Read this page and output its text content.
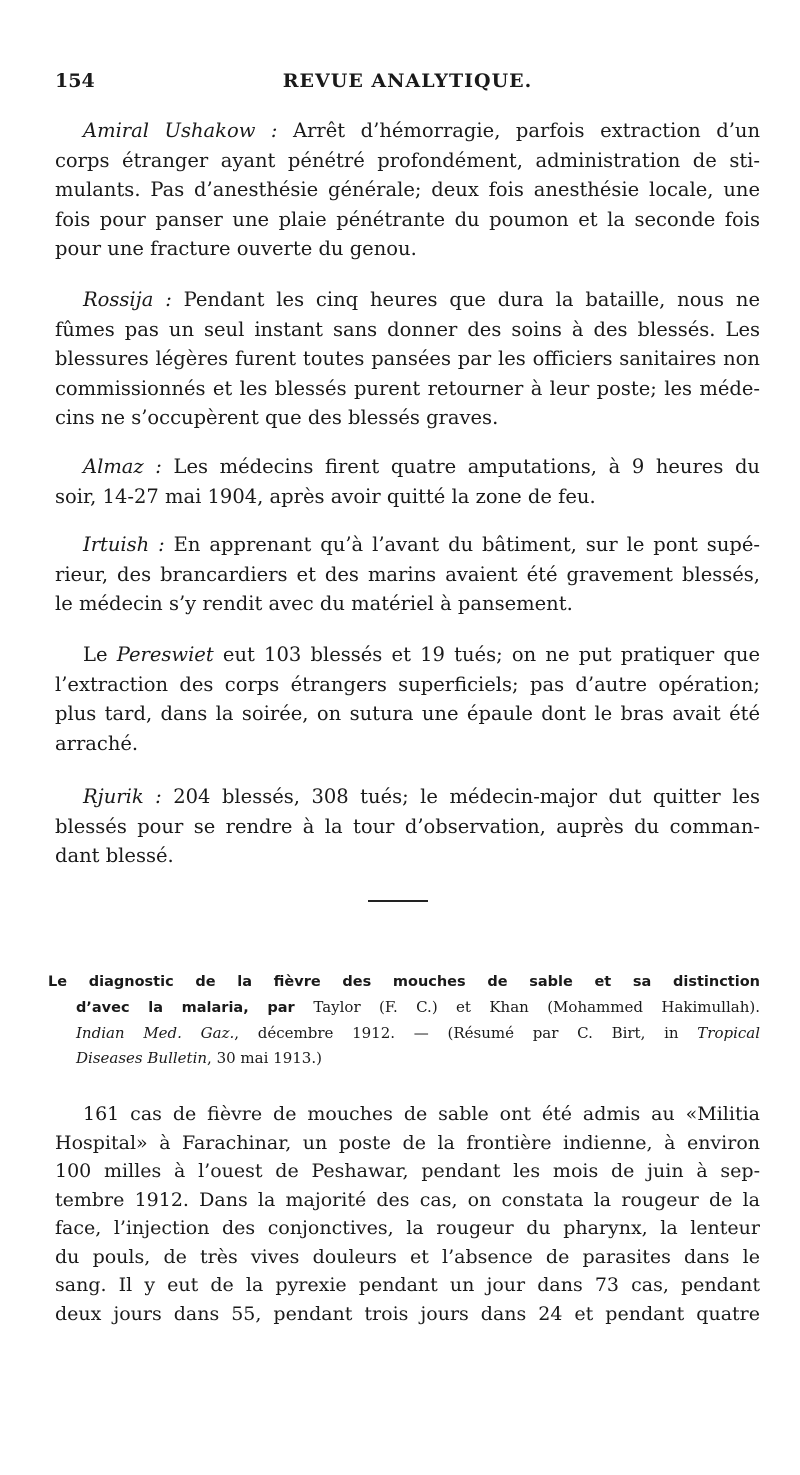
154	REVUE ANALYTIQUE.
Amiral Ushakow : Arrêt d’hémorragie, parfois extraction d’un
corps étranger ayant pénétré profondément, administration de sti-
mulants. Pas d’anesthésie générale; deux fois anesthésie locale, une
fois pour panser une plaie pénétrante du poumon et la seconde fois
pour une fracture ouverte du genou.
Rossija : Pendant les cinq heures que dura la bataille, nous ne
fûmes pas un seul instant sans donner des soins à des blessés. Les
blessures légères furent toutes pansées par les officiers sanitaires non
commissionnés et les blessés purent retourner à leur poste; les méde-
cins ne s’occupèrent que des blessés graves.
Almaz : Les médecins firent quatre amputations, à 9 heures du
soir, 14-27 mai 1904, après avoir quitté la zone de feu.
Irtuish : En apprenant qu’à l’avant du bâtiment, sur le pont supé-
rieur, des brancardiers et des marins avaient été gravement blessés,
le médecin s’y rendit avec du matériel à pansement.
Le Pereswiet eut 103 blessés et 19 tués; on ne put pratiquer que
l’extraction des corps étrangers superficiels; pas d’autre opération;
plus tard, dans la soirée, on sutura une épaule dont le bras avait été
arraché.
Rjurik : 204 blessés, 308 tués; le médecin-major dut quitter les
blessés pour se rendre à la tour d’observation, auprès du comman-
dant blessé.
Le diagnostic de la fièvre des mouches de sable et sa distinction
d’avec la malaria, par Taylor (F. C.) et Khan (Mohammed Hakimullah).
Indian Med. Gaz., décembre 1912. — (Résumé par C. Birt, in Tropical
Diseases Bulletin, 30 mai 1913.)
161 cas de fièvre de mouches de sable ont été admis au «Militia
Hospital» à Farachinar, un poste de la frontière indienne, à environ
100 milles à l’ouest de Peshawar, pendant les mois de juin à sep-
tembre 1912. Dans la majorité des cas, on constata la rougeur de la
face, l’injection des conjonctives, la rougeur du pharynx, la lenteur
du pouls, de très vives douleurs et l’absence de parasites dans le
sang. Il y eut de la pyrexie pendant un jour dans 73 cas, pendant
deux jours dans 55, pendant trois jours dans 24 et pendant quatre
